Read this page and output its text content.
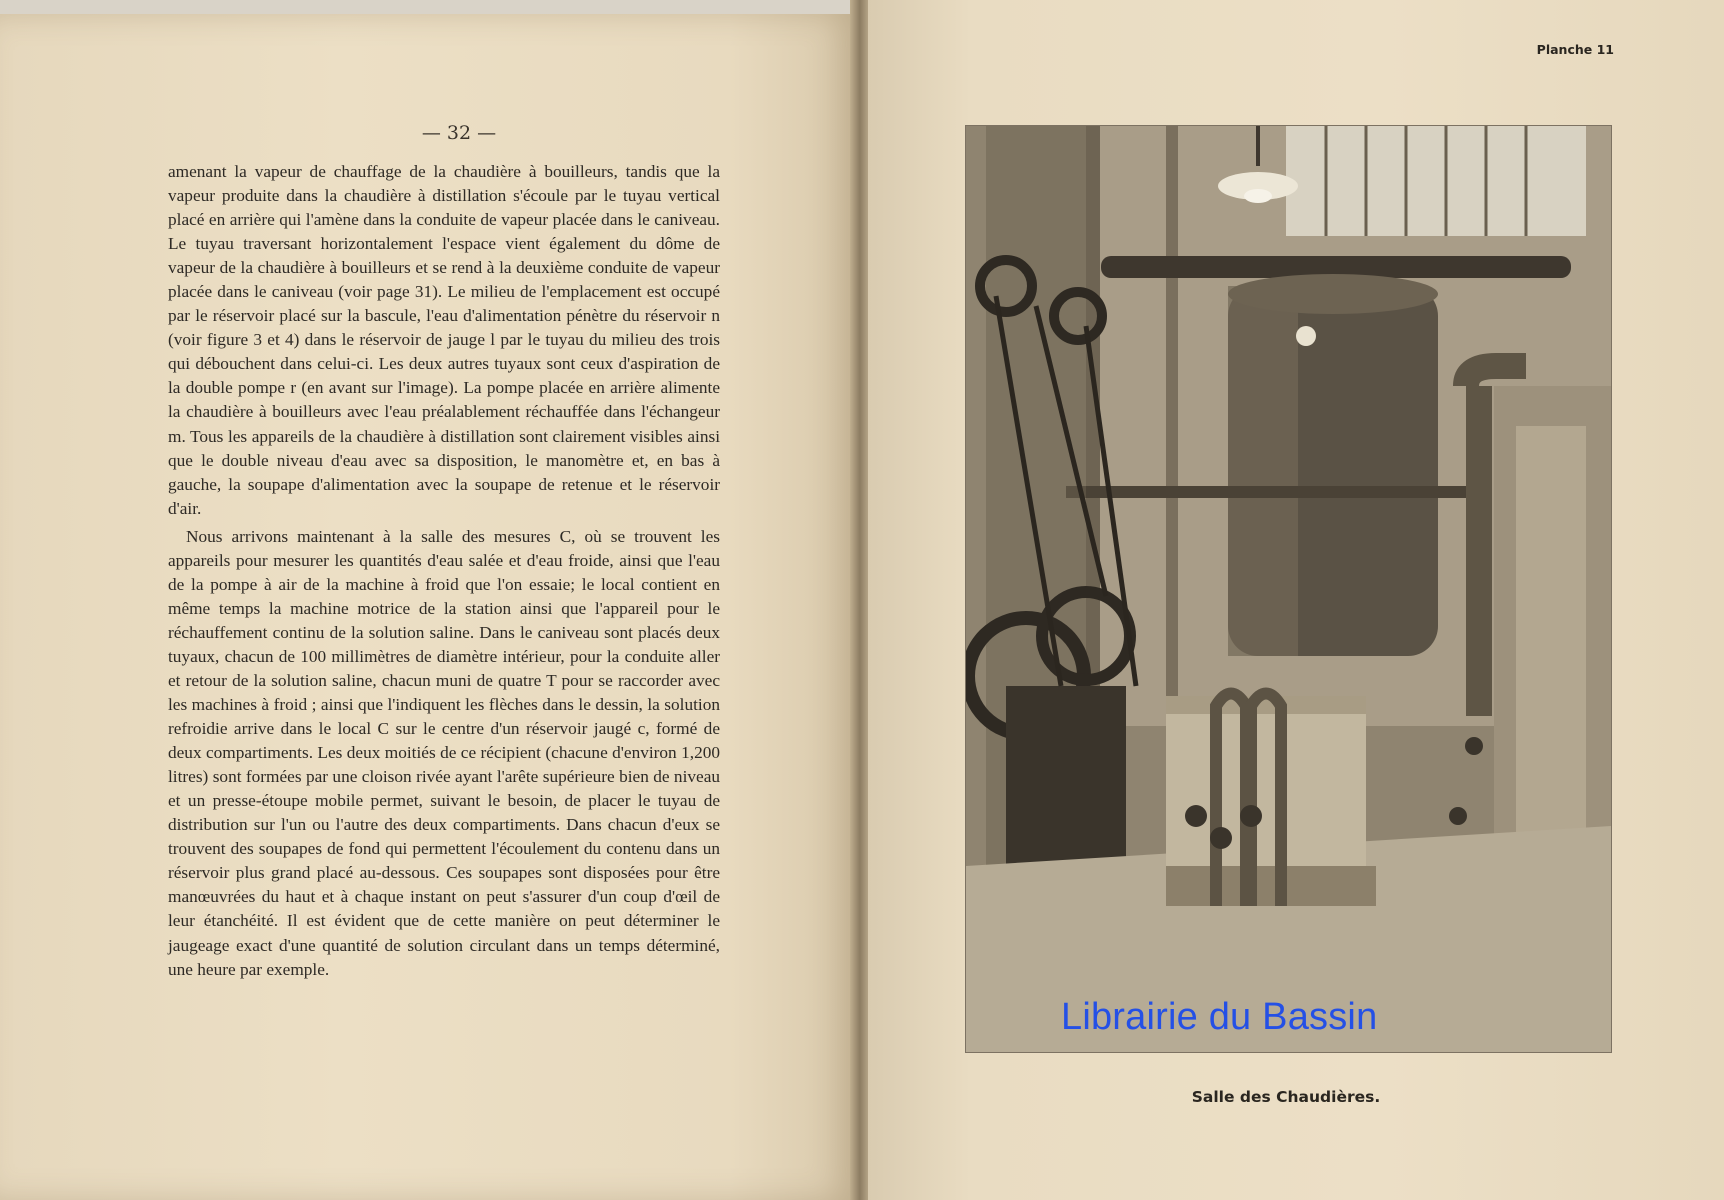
— 32 —

amenant la vapeur de chauffage de la chaudière à bouilleurs, tandis que la vapeur produite dans la chaudière à distillation s'écoule par le tuyau vertical placé en arrière qui l'amène dans la conduite de vapeur placée dans le caniveau. Le tuyau traversant horizontalement l'espace vient également du dôme de vapeur de la chaudière à bouilleurs et se rend à la deuxième conduite de vapeur placée dans le caniveau (voir page 31). Le milieu de l'emplacement est occupé par le réservoir placé sur la bascule, l'eau d'alimentation pénètre du réservoir n (voir figure 3 et 4) dans le réservoir de jauge l par le tuyau du milieu des trois qui débouchent dans celui-ci. Les deux autres tuyaux sont ceux d'aspiration de la double pompe r (en avant sur l'image). La pompe placée en arrière alimente la chaudière à bouilleurs avec l'eau préalablement réchauffée dans l'échangeur m. Tous les appareils de la chaudière à distillation sont clairement visibles ainsi que le double niveau d'eau avec sa disposition, le manomètre et, en bas à gauche, la soupape d'alimentation avec la soupape de retenue et le réservoir d'air.

Nous arrivons maintenant à la salle des mesures C, où se trouvent les appareils pour mesurer les quantités d'eau salée et d'eau froide, ainsi que l'eau de la pompe à air de la machine à froid que l'on essaie; le local contient en même temps la machine motrice de la station ainsi que l'appareil pour le réchauffement continu de la solution saline. Dans le caniveau sont placés deux tuyaux, chacun de 100 millimètres de diamètre intérieur, pour la conduite aller et retour de la solution saline, chacun muni de quatre T pour se raccorder avec les machines à froid ; ainsi que l'indiquent les flèches dans le dessin, la solution refroidie arrive dans le local C sur le centre d'un réservoir jaugé c, formé de deux compartiments. Les deux moitiés de ce récipient (chacune d'environ 1,200 litres) sont formées par une cloison rivée ayant l'arête supérieure bien de niveau et un presse-étoupe mobile permet, suivant le besoin, de placer le tuyau de distribution sur l'un ou l'autre des deux compartiments. Dans chacun d'eux se trouvent des soupapes de fond qui permettent l'écoulement du contenu dans un réservoir plus grand placé au-dessous. Ces soupapes sont disposées pour être manœuvrées du haut et à chaque instant on peut s'assurer d'un coup d'œil de leur étanchéité. Il est évident que de cette manière on peut déterminer le jaugeage exact d'une quantité de solution circulant dans un temps déterminé, une heure par exemple.

Planche 11
Salle des Chaudières.
Librairie du Bassin
